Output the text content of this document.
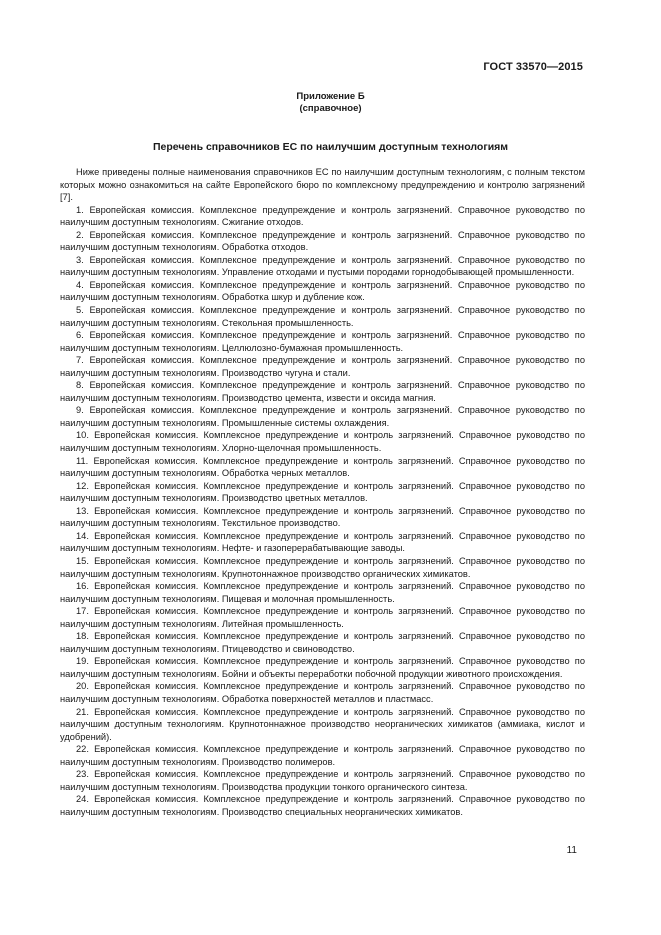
ГОСТ 33570—2015
Приложение Б
(справочное)
Перечень справочников ЕС по наилучшим доступным технологиям

Ниже приведены полные наименования справочников ЕС по наилучшим доступным технологиям, с полным текстом которых можно ознакомиться на сайте Европейского бюро по комплексному предупреждению и контролю загрязнений [7].

1. Европейская комиссия. Комплексное предупреждение и контроль загрязнений. Справочное руководство по наилучшим доступным технологиям. Сжигание отходов.

2. Европейская комиссия. Комплексное предупреждение и контроль загрязнений. Справочное руководство по наилучшим доступным технологиям. Обработка отходов.

3. Европейская комиссия. Комплексное предупреждение и контроль загрязнений. Справочное руководство по наилучшим доступным технологиям. Управление отходами и пустыми породами горнодобывающей промышленности.

4. Европейская комиссия. Комплексное предупреждение и контроль загрязнений. Справочное руководство по наилучшим доступным технологиям. Обработка шкур и дубление кож.

5. Европейская комиссия. Комплексное предупреждение и контроль загрязнений. Справочное руководство по наилучшим доступным технологиям. Стекольная промышленность.

6. Европейская комиссия. Комплексное предупреждение и контроль загрязнений. Справочное руководство по наилучшим доступным технологиям. Целлюлозно-бумажная промышленность.

7. Европейская комиссия. Комплексное предупреждение и контроль загрязнений. Справочное руководство по наилучшим доступным технологиям. Производство чугуна и стали.

8. Европейская комиссия. Комплексное предупреждение и контроль загрязнений. Справочное руководство по наилучшим доступным технологиям. Производство цемента, извести и оксида магния.

9. Европейская комиссия. Комплексное предупреждение и контроль загрязнений. Справочное руководство по наилучшим доступным технологиям. Промышленные системы охлаждения.

10. Европейская комиссия. Комплексное предупреждение и контроль загрязнений. Справочное руководство по наилучшим доступным технологиям. Хлорно-щелочная промышленность.

11. Европейская комиссия. Комплексное предупреждение и контроль загрязнений. Справочное руководство по наилучшим доступным технологиям. Обработка черных металлов.

12. Европейская комиссия. Комплексное предупреждение и контроль загрязнений. Справочное руководство по наилучшим доступным технологиям. Производство цветных металлов.

13. Европейская комиссия. Комплексное предупреждение и контроль загрязнений. Справочное руководство по наилучшим доступным технологиям. Текстильное производство.

14. Европейская комиссия. Комплексное предупреждение и контроль загрязнений. Справочное руководство по наилучшим доступным технологиям. Нефте- и газоперерабатывающие заводы.

15. Европейская комиссия. Комплексное предупреждение и контроль загрязнений. Справочное руководство по наилучшим доступным технологиям. Крупнотоннажное производство органических химикатов.

16. Европейская комиссия. Комплексное предупреждение и контроль загрязнений. Справочное руководство по наилучшим доступным технологиям. Пищевая и молочная промышленность.

17. Европейская комиссия. Комплексное предупреждение и контроль загрязнений. Справочное руководство по наилучшим доступным технологиям. Литейная промышленность.

18. Европейская комиссия. Комплексное предупреждение и контроль загрязнений. Справочное руководство по наилучшим доступным технологиям. Птицеводство и свиноводство.

19. Европейская комиссия. Комплексное предупреждение и контроль загрязнений. Справочное руководство по наилучшим доступным технологиям. Бойни и объекты переработки побочной продукции животного происхождения.

20. Европейская комиссия. Комплексное предупреждение и контроль загрязнений. Справочное руководство по наилучшим доступным технологиям. Обработка поверхностей металлов и пластмасс.

21. Европейская комиссия. Комплексное предупреждение и контроль загрязнений. Справочное руководство по наилучшим доступным технологиям. Крупнотоннажное производство неорганических химикатов (аммиака, кислот и удобрений).

22. Европейская комиссия. Комплексное предупреждение и контроль загрязнений. Справочное руководство по наилучшим доступным технологиям. Производство полимеров.

23. Европейская комиссия. Комплексное предупреждение и контроль загрязнений. Справочное руководство по наилучшим доступным технологиям. Производства продукции тонкого органического синтеза.

24. Европейская комиссия. Комплексное предупреждение и контроль загрязнений. Справочное руководство по наилучшим доступным технологиям. Производство специальных неорганических химикатов.

11
